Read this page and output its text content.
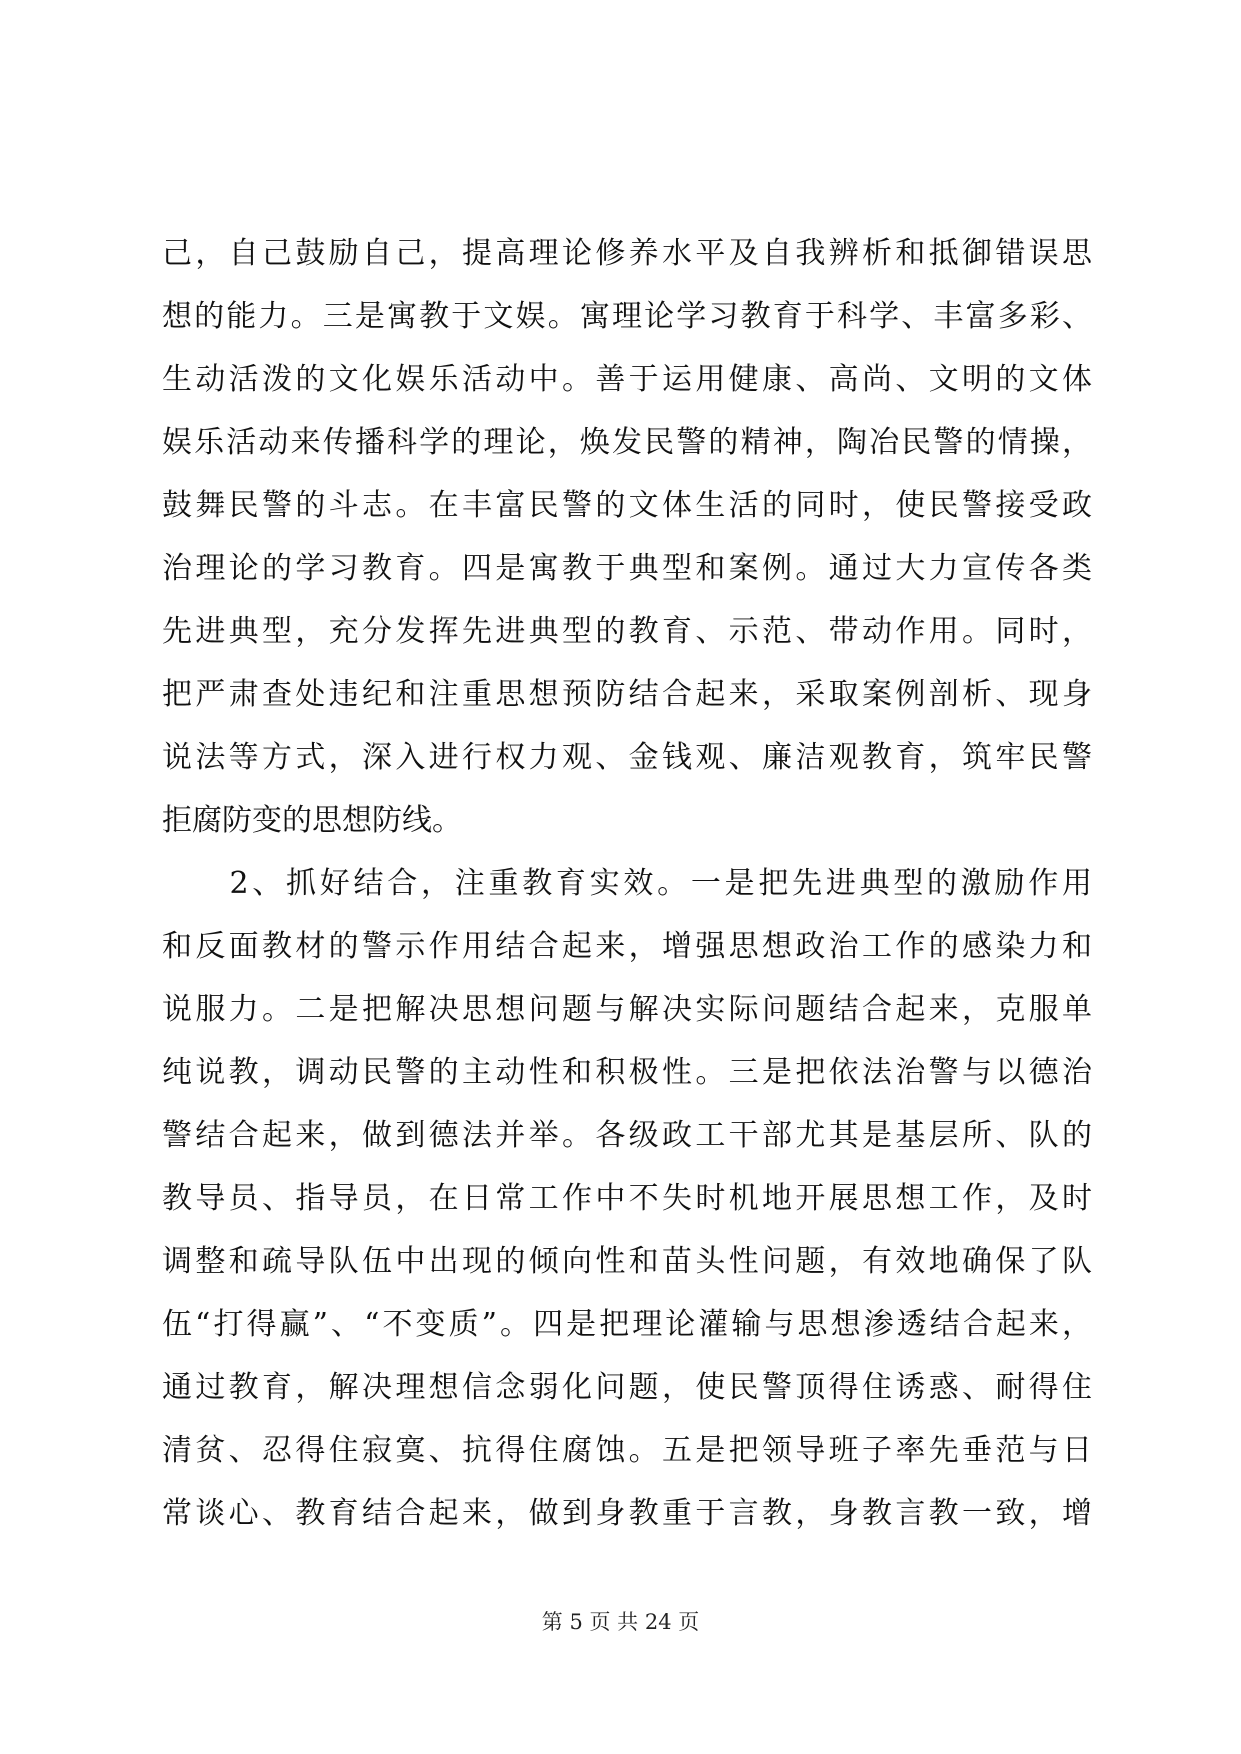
己，自己鼓励自己，提高理论修养水平及自我辨析和抵御错误思
想的能力。三是寓教于文娱。寓理论学习教育于科学、丰富多彩、
生动活泼的文化娱乐活动中。善于运用健康、高尚、文明的文体
娱乐活动来传播科学的理论，焕发民警的精神，陶冶民警的情操，
鼓舞民警的斗志。在丰富民警的文体生活的同时，使民警接受政
治理论的学习教育。四是寓教于典型和案例。通过大力宣传各类
先进典型，充分发挥先进典型的教育、示范、带动作用。同时，
把严肃查处违纪和注重思想预防结合起来，采取案例剖析、现身
说法等方式，深入进行权力观、金钱观、廉洁观教育，筑牢民警
拒腐防变的思想防线。
　　2、抓好结合，注重教育实效。一是把先进典型的激励作用
和反面教材的警示作用结合起来，增强思想政治工作的感染力和
说服力。二是把解决思想问题与解决实际问题结合起来，克服单
纯说教，调动民警的主动性和积极性。三是把依法治警与以德治
警结合起来，做到德法并举。各级政工干部尤其是基层所、队的
教导员、指导员，在日常工作中不失时机地开展思想工作，及时
调整和疏导队伍中出现的倾向性和苗头性问题，有效地确保了队
伍“打得赢”、“不变质”。四是把理论灌输与思想渗透结合起来，
通过教育，解决理想信念弱化问题，使民警顶得住诱惑、耐得住
清贫、忍得住寂寞、抗得住腐蚀。五是把领导班子率先垂范与日
常谈心、教育结合起来，做到身教重于言教，身教言教一致，增
第 5 页 共 24 页
